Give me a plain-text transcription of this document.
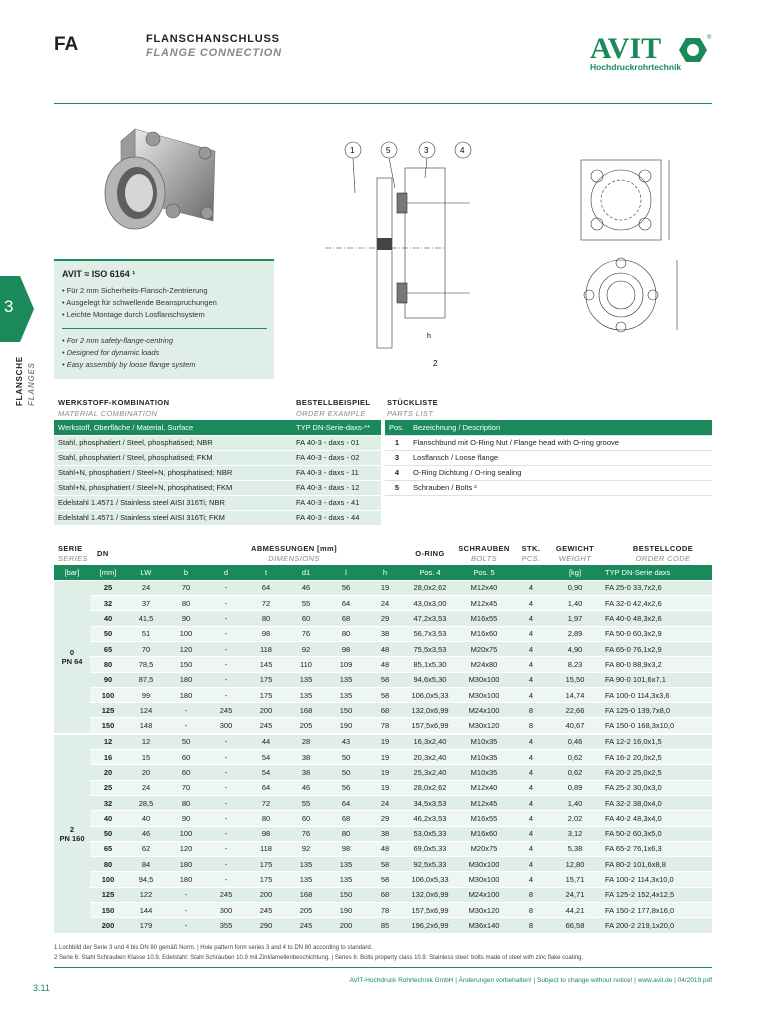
FA	FLANSCHANSCHLUSS
FLANGE CONNECTION	AVIT
Hochdruckrohrtechnik
®
3
FLANSCHE FLANGES
1	5	3	4
2
h
AVIT ≈ ISO 6164 ¹
• Für 2 mm Sicherheits-Flansch-Zentrierung
• Ausgelegt für schwellende Beanspruchungen
• Leichte Montage durch Losflanschsystem
• For 2 mm safety-flange-centring
• Designed for dynamic loads
• Easy assembly by loose flange system
WERKSTOFF-KOMBINATION
MATERIAL COMBINATION
BESTELLBEISPIEL
ORDER EXAMPLE
STÜCKLISTE
PARTS LIST
Werkstoff, Oberfläche / Material, Surface	TYP DN-Serie-daxs-**
Stahl, phosphatiert / Steel, phosphatised; NBR	FA 40-3 - daxs - 01
Stahl, phosphatiert / Steel, phosphatised; FKM	FA 40-3 - daxs - 02
Stahl+N, phosphatiert / Steel+N, phosphatised; NBR	FA 40-3 - daxs - 11
Stahl+N, phosphatiert / Steel+N, phosphatised; FKM	FA 40-3 - daxs - 12
Edelstahl 1.4571 / Stainless steel AISI 316Ti; NBR	FA 40-3 - daxs - 41
Edelstahl 1.4571 / Stainless steel AISI 316Ti; FKM	FA 40-3 - daxs - 44
Pos.	Bezeichnung / Description
1	Flanschbund mit O-Ring Nut / Flange head with O-ring groove
3	Losflansch / Loose flange
4	O-Ring Dichtung / O-ring sealing
5	Schrauben / Bolts ²
SERIE
SERIES
DN
ABMESSUNGEN [mm]
DIMENSIONS
O-RING
SCHRAUBEN
BOLTS
STK.
PCS.
GEWICHT
WEIGHT
BESTELLCODE
ORDER CODE
[bar]	[mm]	LW	b	d	t	d1	l	h	Pos. 4	Pos. 5		[kg]	TYP DN-Serie daxs

0
PN 64	25	24	70	-	64	46	56	19	28,0x2,62	M12x40	4	0,90	FA 25-0 33,7x2,6
	32	37	80	-	72	55	64	24	43,0x3,00	M12x45	4	1,40	FA 32-0 42,4x2,6
	40	41,5	90	-	80	60	68	29	47,2x3,53	M16x55	4	1,97	FA 40-0 48,3x2,6
	50	51	100	-	98	76	80	38	56,7x3,53	M16x60	4	2,89	FA 50-0 60,3x2,9
	65	70	120	-	118	92	98	48	75,5x3,53	M20x75	4	4,90	FA 65-0 76,1x2,9
	80	78,5	150	-	145	110	109	48	85,1x5,30	M24x80	4	8,23	FA 80-0 88,9x3,2
	90	87,5	180	-	175	135	135	58	94,6x5,30	M30x100	4	15,50	FA 90-0 101,6x7,1
	100	99	180	-	175	135	135	58	106,0x5,33	M30x100	4	14,74	FA 100-0 114,3x3,6
	125	124	-	245	200	168	150	68	132,0x6,99	M24x100	8	22,66	FA 125-0 139,7x8,0
	150	148	-	300	245	205	190	78	157,5x6,99	M30x120	8	40,67	FA 150-0 168,3x10,0

2
PN 160	12	12	50	-	44	28	43	19	16,3x2,40	M10x35	4	0,46	FA 12-2 16,0x1,5
	16	15	60	-	54	38	50	19	20,3x2,40	M10x35	4	0,62	FA 16-2 20,0x2,5
	20	20	60	-	54	38	50	19	25,3x2,40	M10x35	4	0,62	FA 20-2 25,0x2,5
	25	24	70	-	64	46	56	19	28,0x2,62	M12x40	4	0,89	FA 25-2 30,0x3,0
	32	28,5	80	-	72	55	64	24	34,5x3,53	M12x45	4	1,40	FA 32-2 38,0x4,0
	40	40	90	-	80	60	68	29	46,2x3,53	M16x55	4	2,02	FA 40-2 48,3x4,0
	50	46	100	-	98	76	80	38	53,0x5,33	M16x60	4	3,12	FA 50-2 60,3x5,0
	65	62	120	-	118	92	98	48	69,0x5,33	M20x75	4	5,38	FA 65-2 76,1x6,3
	80	84	180	-	175	135	135	58	92,5x5,33	M30x100	4	12,80	FA 80-2 101,6x8,8
	100	94,5	180	-	175	135	135	58	106,0x5,33	M30x100	4	15,71	FA 100-2 114,3x10,0
	125	122	-	245	200	168	150	68	132,0x6,99	M24x100	8	24,71	FA 125-2 152,4x12,5
	150	144	-	300	245	205	190	78	157,5x6,99	M30x120	8	44,21	FA 150-2 177,8x16,0
	200	179	-	355	290	245	200	85	196,2x6,99	M36x140	8	66,58	FA 200-2 219,1x20,0
1 Lochbild der Serie 3 und 4 bis DN 80 gemäß Norm. | Hole pattern form series 3 and 4 to DN 80 according to standard.
2 Serie 6: Stahl Schrauben Klasse 10.9. Edelstahl: Stahl Schrauben 10.9 mit Zinklamellenbeschichtung. | Series 6: Bolts property class 10.9. Stainless steel: bolts made of steel with zinc flake coating.
3.11
AVIT-Hochdruck Rohrtechnik GmbH | Änderungen vorbehalten! | Subject to change without notice! | www.avit.de | 04/2019.pdf
